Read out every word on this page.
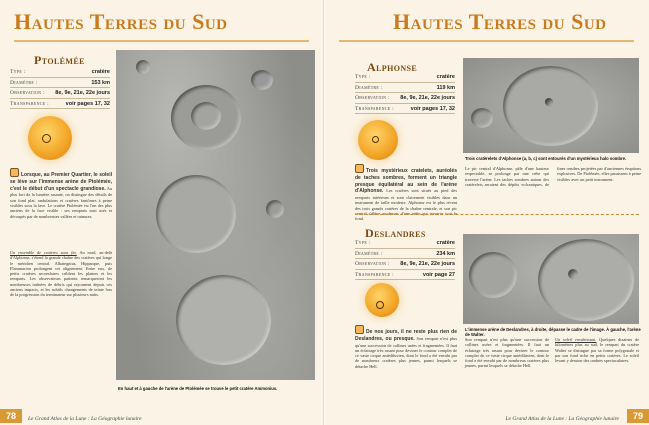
Hautes Terres du Sud
Ptolémée
Type :	cratère
Diamètre :	153 km
Observation : 8e, 9e, 21e, 22e jours
Transparence :	voir pages 17, 32
Lorsque, au Premier Quartier, le soleil se lève sur l'immense arène de Ptolémée, c'est le début d'un spectacle grandiose. Au plus fort de la lumière rasante, on distingue des détails de son fond plat, ondulations et cratères fantômes à peine visibles sous la lave. Le cratère Ptolémée est l'un des plus anciens de la face visible : ses remparts sont usés et découpés par de nombreuses vallées et rainures.
Un ensemble de cratères sans fin. Au nord, au-delà d'Alphonse, s'étend la grande chaîne des cratères qui longe le méridien central. Albategnius, Hipparque, puis Flammarion prolongent cet alignement. Entre eux, de petits cratères secondaires criblent les plaines et les remparts. Les observateurs patients remarqueront les nombreuses traînées de débris qui rayonnent depuis ces anciens impacts, et les subtils changements de teinte lors de la progression du terminateur sur plusieurs nuits.
En haut et à gauche de l'arène de Ptolémée se trouve le petit cratère Ammonius.
78	Le Grand Atlas de la Lune : La Géographie lunaire
Hautes Terres du Sud
Alphonse
Type :	cratère
Diamètre :	119 km
Observation : 8e, 9e, 21e, 22e jours
Transparence :	voir pages 17, 32
Trois mystérieux cratelets, auréolés de taches sombres, forment un triangle presque équilatéral au sein de l'arène d'Alphonse. Les cratères sont situés au pied des remparts intérieurs et sont clairement visibles dans un instrument de taille modeste. Alphonse est le plus récent des trois grands cratères de la chaîne centrale, et son pic central s'élève au-dessus d'une arête qui traverse tout le fond.
Trois cratèrelets d'Alphonse (a, b, c) sont entourés d'un mystérieux halo sombre.
Le pic central d'Alphonse, pâle d'une hauteur respectable, se prolonge par une crête qui traverse l'arène. Les taches sombres autour des cratèrelets seraient des dépôts volcaniques, de fines cendres projetées par d'anciennes éruptions explosives. De Ptolémée, elles paraissent à peine visibles avec un petit instrument.
Deslandres
Type :	cratère
Diamètre :	234 km
Observation : 8e, 9e, 21e, 22e jours
Transparence :	voir page 27
De nos jours, il ne reste plus rien de Deslandres, ou presque. Son rempart n'est plus qu'une succession de collines usées et fragmentées. Il faut un éclairage très rasant pour deviner le contour complet de ce vaste cirque antédiluvien, dont le fond a été envahi par de nombreux cratères plus jeunes, parmi lesquels se détache Hell.
L'immense arène de Deslandres, à droite, dépasse le cadre de l'image. À gauche, l'arène de Walter.
Son rempart n'est plus qu'une succession de collines usées et fragmentées. Il faut un éclairage très rasant pour deviner le contour complet de ce vaste cirque antédiluvien, dont le fond a été envahi par de nombreux cratères plus jeunes, parmi lesquels se détache Hell.
Un soleil envahissant. Quelques dizaines de kilomètres plus au sud, le rempart du cratère Walter se distingue par sa forme polygonale et par son fond riche en petits cratères. Le soleil levant y dessine des ombres spectaculaires.
Le Grand Atlas de la Lune : La Géographie lunaire	79
